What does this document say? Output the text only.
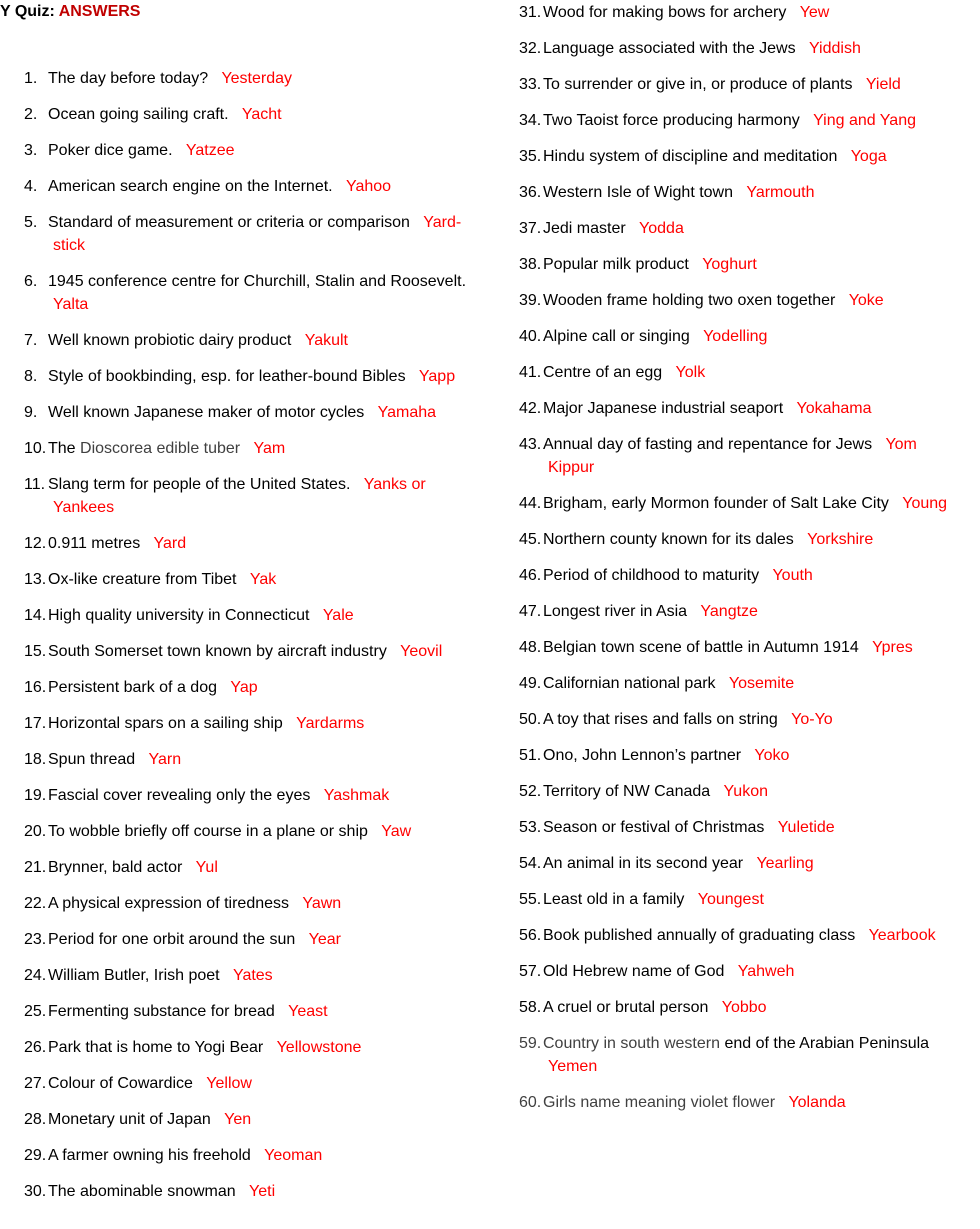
Y Quiz: ANSWERS
1. The day before today? Yesterday
2. Ocean going sailing craft. Yacht
3. Poker dice game. Yatzee
4. American search engine on the Internet. Yahoo
5. Standard of measurement or criteria or comparison Yard-
stick
6. 1945 conference centre for Churchill, Stalin and Roosevelt.
Yalta
7. Well known probiotic dairy product Yakult
8. Style of bookbinding, esp. for leather-bound Bibles Yapp
9. Well known Japanese maker of motor cycles Yamaha
10. The Dioscorea edible tuber Yam
11. Slang term for people of the United States. Yanks or
Yankees
12. 0.911 metres Yard
13. Ox-like creature from Tibet Yak
14. High quality university in Connecticut Yale
15. South Somerset town known by aircraft industry Yeovil
16. Persistent bark of a dog Yap
17. Horizontal spars on a sailing ship Yardarms
18. Spun thread Yarn
19. Fascial cover revealing only the eyes Yashmak
20. To wobble briefly off course in a plane or ship Yaw
21. Brynner, bald actor Yul
22. A physical expression of tiredness Yawn
23. Period for one orbit around the sun Year
24. William Butler, Irish poet Yates
25. Fermenting substance for bread Yeast
26. Park that is home to Yogi Bear Yellowstone
27. Colour of Cowardice Yellow
28. Monetary unit of Japan Yen
29. A farmer owning his freehold Yeoman
30. The abominable snowman Yeti
31. Wood for making bows for archery Yew
32. Language associated with the Jews Yiddish
33. To surrender or give in, or produce of plants Yield
34. Two Taoist force producing harmony Ying and Yang
35. Hindu system of discipline and meditation Yoga
36. Western Isle of Wight town Yarmouth
37. Jedi master Yodda
38. Popular milk product Yoghurt
39. Wooden frame holding two oxen together Yoke
40. Alpine call or singing Yodelling
41. Centre of an egg Yolk
42. Major Japanese industrial seaport Yokahama
43. Annual day of fasting and repentance for Jews Yom
Kippur
44. Brigham, early Mormon founder of Salt Lake City Young
45. Northern county known for its dales Yorkshire
46. Period of childhood to maturity Youth
47. Longest river in Asia Yangtze
48. Belgian town scene of battle in Autumn 1914 Ypres
49. Californian national park Yosemite
50. A toy that rises and falls on string Yo-Yo
51. Ono, John Lennon’s partner Yoko
52. Territory of NW Canada Yukon
53. Season or festival of Christmas Yuletide
54. An animal in its second year Yearling
55. Least old in a family Youngest
56. Book published annually of graduating class Yearbook
57. Old Hebrew name of God Yahweh
58. A cruel or brutal person Yobbo
59. Country in south western end of the Arabian Peninsula
Yemen
60. Girls name meaning violet flower Yolanda
